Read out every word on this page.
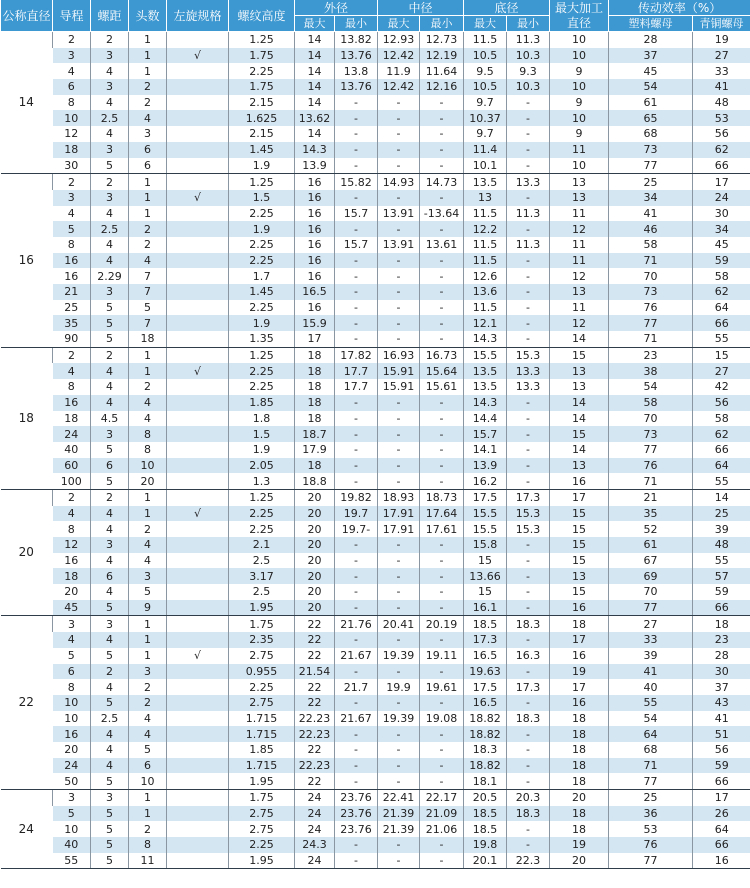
公称直径	导程	螺距	头数	左旋规格	螺纹高度	外径		中径		底径		最大加工直径	传动效率（%）	
						最大	最小	最大	最小	最大	最小		塑料螺母	青铜螺母
14	2	2	1		1.25	14	13.82	12.93	12.73	11.5	11.3	10	28	19
	3	3	1	√	1.75	14	13.76	12.42	12.19	10.5	10.3	10	37	27
	4	4	1		2.25	14	13.8	11.9	11.64	9.5	9.3	9	45	33
	6	3	2		1.75	14	13.76	12.42	12.16	10.5	10.3	10	54	41
	8	4	2		2.15	14	-	-	-	9.7	-	9	61	48
	10	2.5	4		1.625	13.62	-	-	-	10.37	-	10	65	53
	12	4	3		2.15	14	-	-	-	9.7	-	9	68	56
	18	3	6		1.45	14.3	-	-	-	11.4	-	11	73	62
	30	5	6		1.9	13.9	-	-	-	10.1	-	10	77	66
16	2	2	1		1.25	16	15.82	14.93	14.73	13.5	13.3	13	25	17
	3	3	1	√	1.5	16	-	-	-	13	-	13	34	24
	4	4	1		2.25	16	15.7	13.91	-13.64	11.5	11.3	11	41	30
	5	2.5	2		1.9	16	-	-	-	12.2	-	12	46	34
	8	4	2		2.25	16	15.7	13.91	13.61	11.5	11.3	11	58	45
	16	4	4		2.25	16	-	-	-	11.5	-	11	71	59
	16	2.29	7		1.7	16	-	-	-	12.6	-	12	70	58
	21	3	7		1.45	16.5	-	-	-	13.6	-	13	73	62
	25	5	5		2.25	16	-	-	-	11.5	-	11	76	64
	35	5	7		1.9	15.9	-	-	-	12.1	-	12	77	66
	90	5	18		1.35	17	-	-	-	14.3	-	14	71	55
18	2	2	1		1.25	18	17.82	16.93	16.73	15.5	15.3	15	23	15
	4	4	1	√	2.25	18	17.7	15.91	15.64	13.5	13.3	13	38	27
	8	4	2		2.25	18	17.7	15.91	15.61	13.5	13.3	13	54	42
	16	4	4		1.85	18	-	-	-	14.3	-	14	58	56
	18	4.5	4		1.8	18	-	-	-	14.4	-	14	70	58
	24	3	8		1.5	18.7	-	-	-	15.7	-	15	73	62
	40	5	8		1.9	17.9	-	-	-	14.1	-	14	77	66
	60	6	10		2.05	18	-	-	-	13.9	-	13	76	64
	100	5	20		1.3	18.8	-	-	-	16.2	-	16	71	55
20	2	2	1		1.25	20	19.82	18.93	18.73	17.5	17.3	17	21	14
	4	4	1	√	2.25	20	19.7	17.91	17.64	15.5	15.3	15	35	25
	8	4	2		2.25	20	19.7-	17.91	17.61	15.5	15.3	15	52	39
	12	3	4		2.1	20	-	-	-	15.8	-	15	61	48
	16	4	4		2.5	20	-	-	-	15	-	15	67	55
	18	6	3		3.17	20	-	-	-	13.66	-	13	69	57
	20	4	5		2.5	20	-	-	-	15	-	15	70	59
	45	5	9		1.95	20	-	-	-	16.1	-	16	77	66
22	3	3	1		1.75	22	21.76	20.41	20.19	18.5	18.3	18	27	18
	4	4	1		2.35	22	-	-	-	17.3	-	17	33	23
	5	5	1	√	2.75	22	21.67	19.39	19.11	16.5	16.3	16	39	28
	6	2	3		0.955	21.54	-	-	-	19.63	-	19	41	30
	8	4	2		2.25	22	21.7	19.9	19.61	17.5	17.3	17	40	37
	10	5	2		2.75	22	-	-	-	16.5	-	16	55	43
	10	2.5	4		1.715	22.23	21.67	19.39	19.08	18.82	18.3	18	54	41
	16	4	4		1.715	22.23	-	-	-	18.82	-	18	64	51
	20	4	5		1.85	22	-	-	-	18.3	-	18	68	56
	24	4	6		1.715	22.23	-	-	-	18.82	-	18	71	59
	50	5	10		1.95	22	-	-	-	18.1	-	18	77	66
24	3	3	1		1.75	24	23.76	22.41	22.17	20.5	20.3	20	25	17
	5	5	1		2.75	24	23.76	21.39	21.09	18.5	18.3	18	36	26
	10	5	2		2.75	24	23.76	21.39	21.06	18.5	-	18	53	64
	40	5	8		2.25	24.3	-	-	-	19.8	-	19	76	66
	55	5	11		1.95	24	-	-	-	20.1	22.3	20	77	16
